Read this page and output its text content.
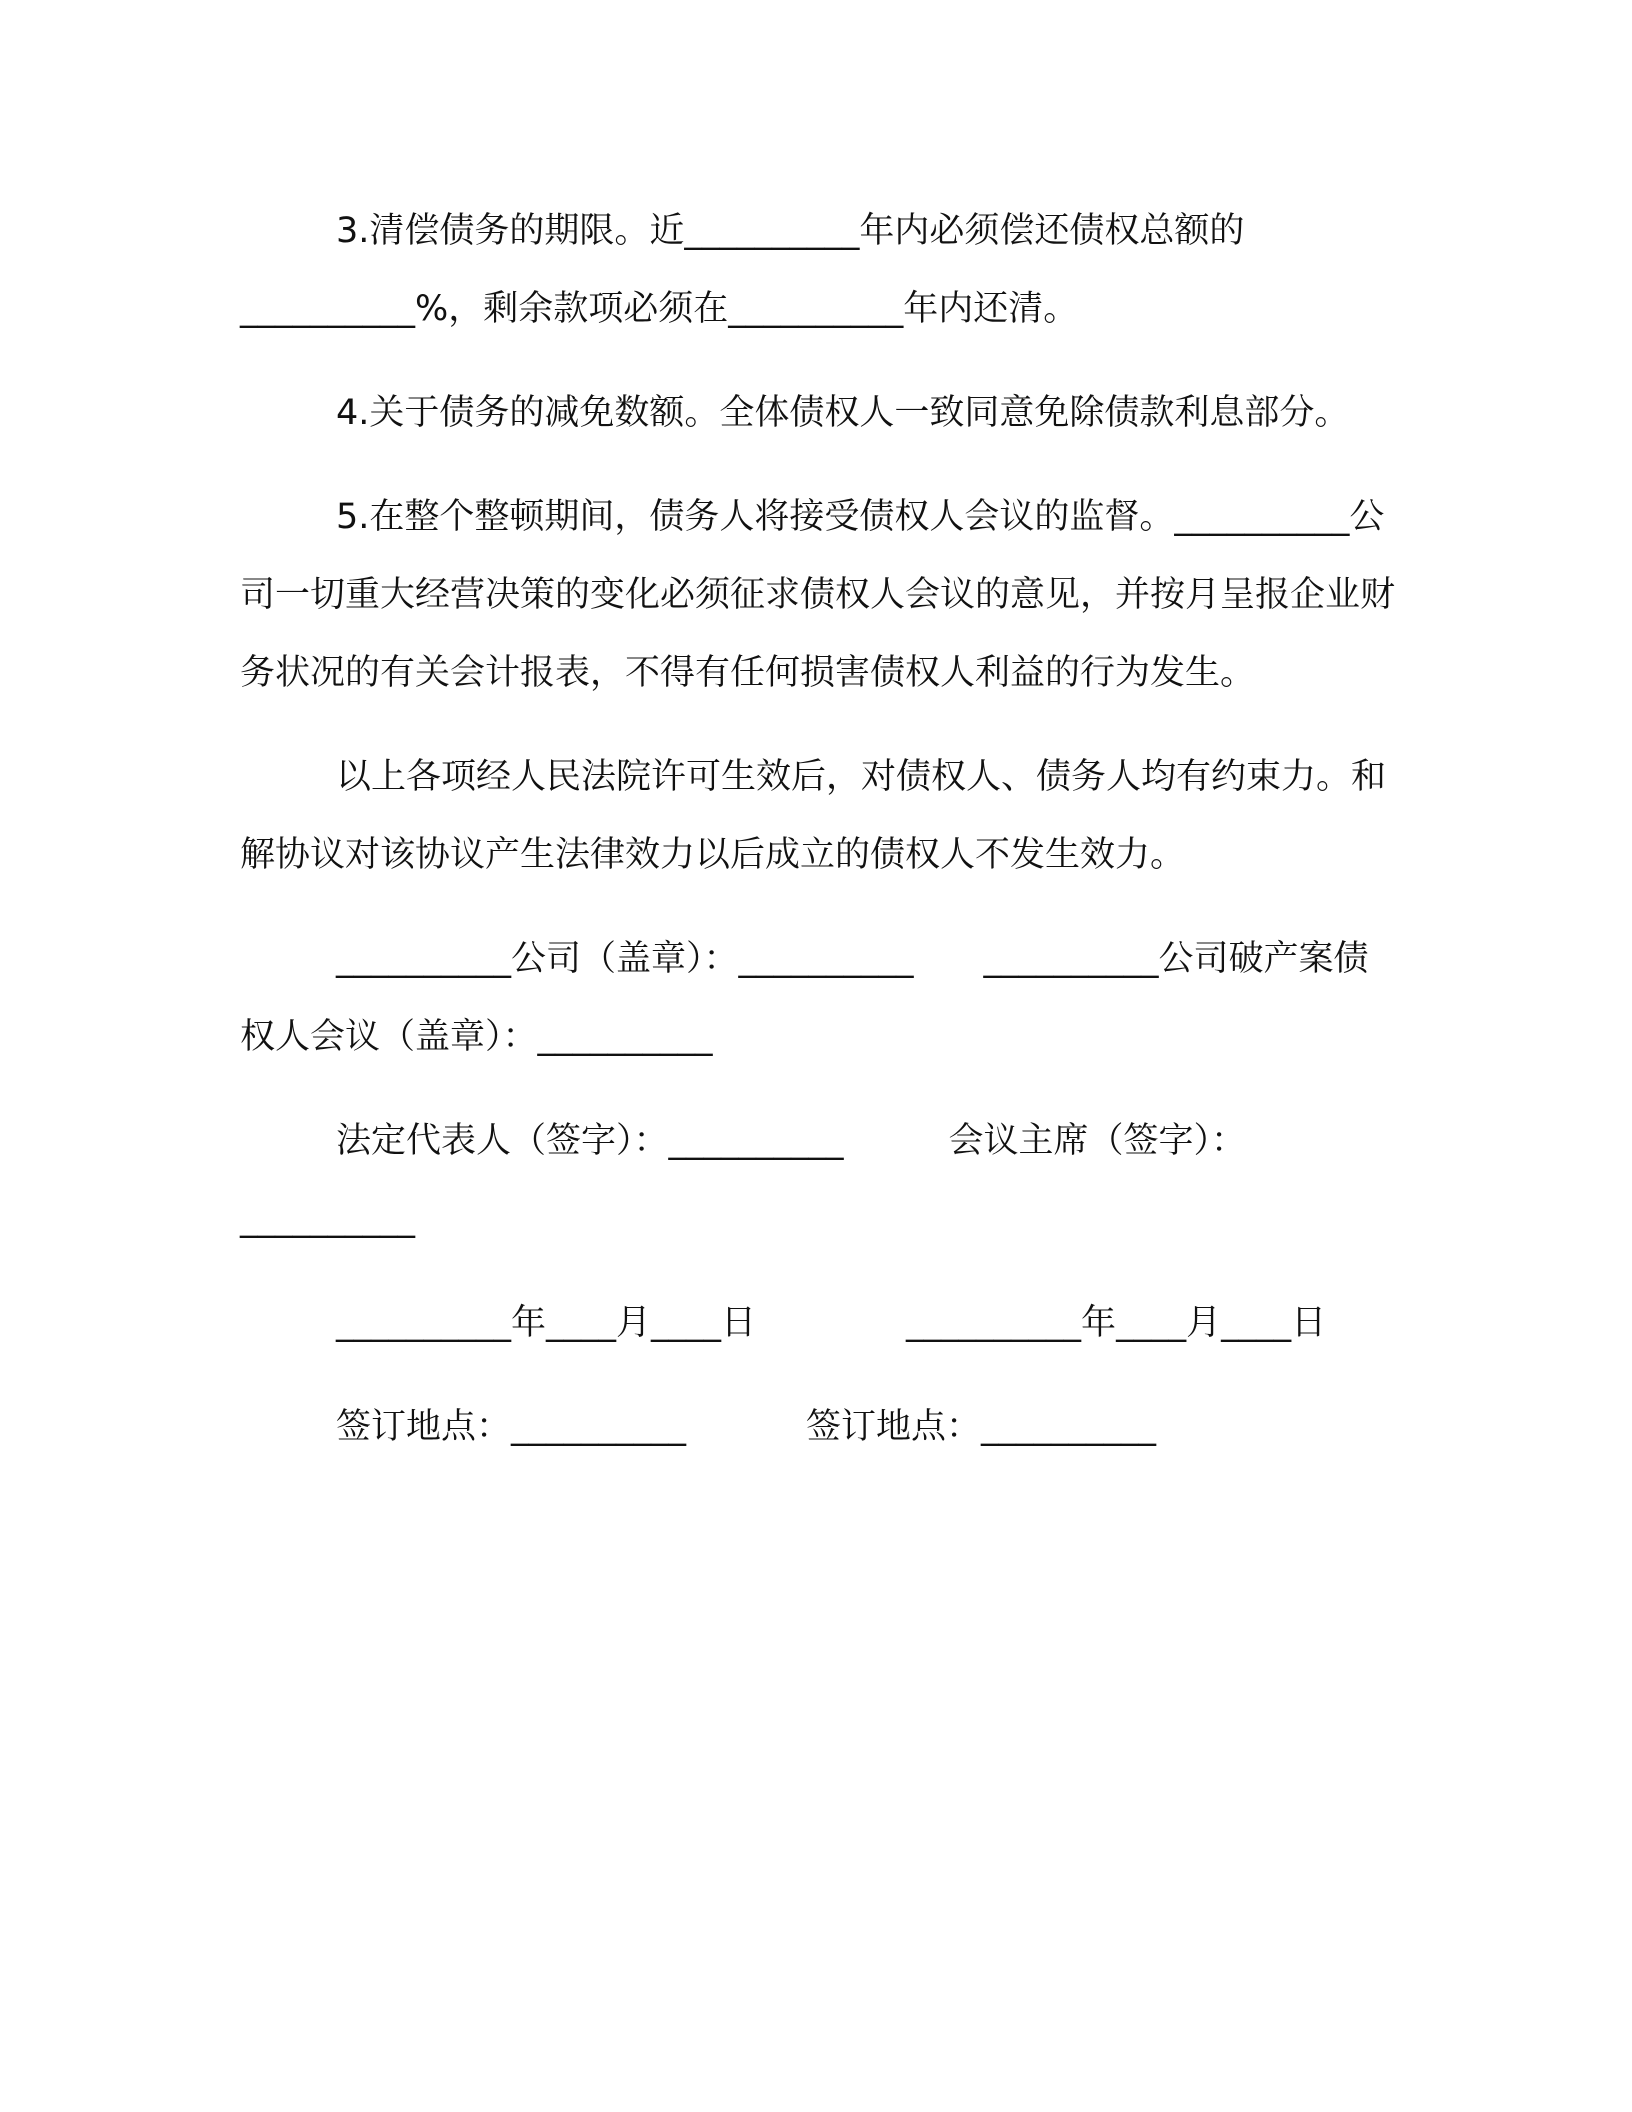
3.清偿债务的期限。近__________年内必须偿还债权总额的__________%，剩余款项必须在__________年内还清。

4.关于债务的减免数额。全体债权人一致同意免除债款利息部分。

5.在整个整顿期间，债务人将接受债权人会议的监督。__________公司一切重大经营决策的变化必须征求债权人会议的意见，并按月呈报企业财务状况的有关会计报表，不得有任何损害债权人利益的行为发生。

以上各项经人民法院许可生效后，对债权人、债务人均有约束力。和解协议对该协议产生法律效力以后成立的债权人不发生效力。

__________公司（盖章）：__________ __________公司破产案债权人会议（盖章）：__________

法定代表人（签字）：__________	会议主席（签字）：

__________

__________年____月____日	__________年____月____日

签订地点：__________	签订地点：__________
